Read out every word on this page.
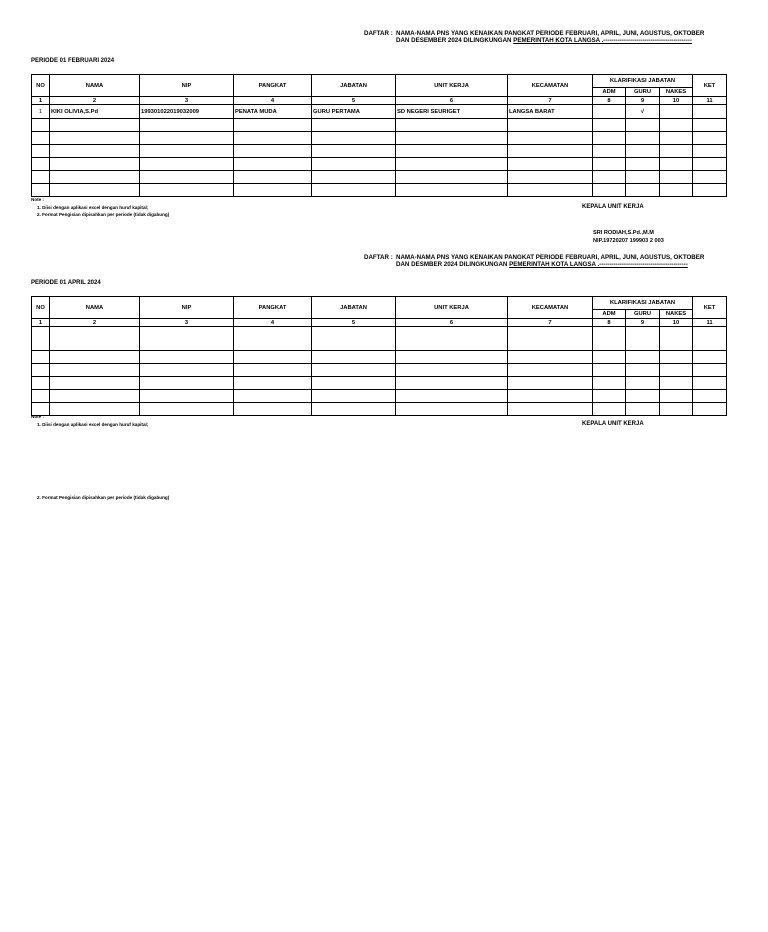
DAFTAR : NAMA-NAMA PNS YANG KENAIKAN PANGKAT PERIODE FEBRUARI, APRIL, JUNI, AGUSTUS, OKTOBER
DAN DESEMBER 2024 DILINGKUNGAN PEMERINTAH KOTA LANGSA .-------------------------------------------
PERIODE 01 FEBRUARI 2024
NO	NAMA	NIP	PANGKAT	JABATAN	UNIT KERJA	KECAMATAN	KLARIFIKASI JABATAN			KET
							ADM	GURU	NAKES	
1	2	3	4	5	6	7	8	9	10	11
1	KIKI OLIVIA,S.Pd	199301022019032009	PENATA MUDA	GURU PERTAMA	SD NEGERI SEURIGET	LANGSA BARAT		√		

Note :
1. Diisi dengan aplikasi excel dengan huruf kapital;
2. Format Pengisian dipisahkan per periode (tidak digabung)
KEPALA UNIT KERJA
SRI RODIAH,S.Pd.,M.M
NIP.19720207 199903 2 003
DAFTAR : NAMA-NAMA PNS YANG KENAIKAN PANGKAT PERIODE FEBRUARI, APRIL, JUNI, AGUSTUS, OKTOBER
DAN DESMBER 2024 DILINGKUNGAN PEMERINTAH KOTA LANGSA .-------------------------------------------
PERIODE 01 APRIL 2024
NO	NAMA	NIP	PANGKAT	JABATAN	UNIT KERJA	KECAMATAN	KLARIFIKASI JABATAN			KET
							ADM	GURU	NAKES	
1	2	3	4	5	6	7	8	9	10	11

Note :
1. Diisi dengan aplikasi excel dengan huruf kapital;
2. Format Pengisian dipisahkan per periode (tidak digabung)
KEPALA UNIT KERJA
